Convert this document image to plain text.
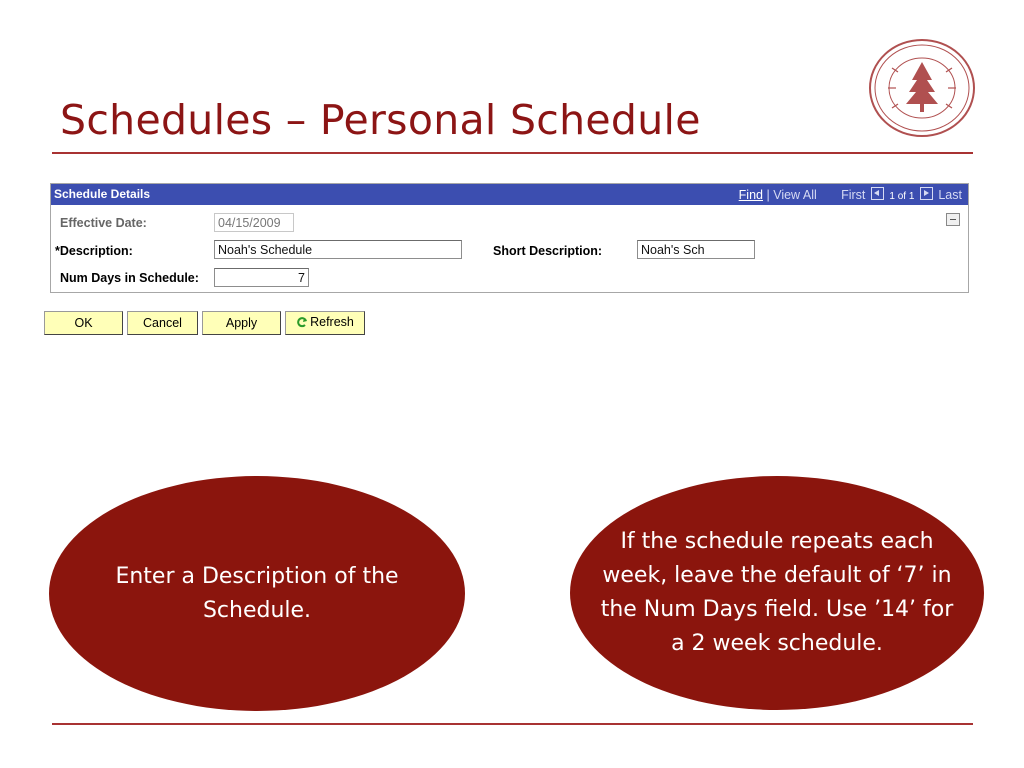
Schedules – Personal Schedule
Schedule Details	Find | View All First 1 of 1 Last
Effective Date:	04/15/2009
*Description:	Noah's Schedule	Short Description:	Noah's Sch
Num Days in Schedule:	7
OK	Cancel	Apply	Refresh
Enter a Description of the Schedule.
If the schedule repeats each week, leave the default of ‘7’ in the Num Days field. Use ’14’ for a 2 week schedule.
